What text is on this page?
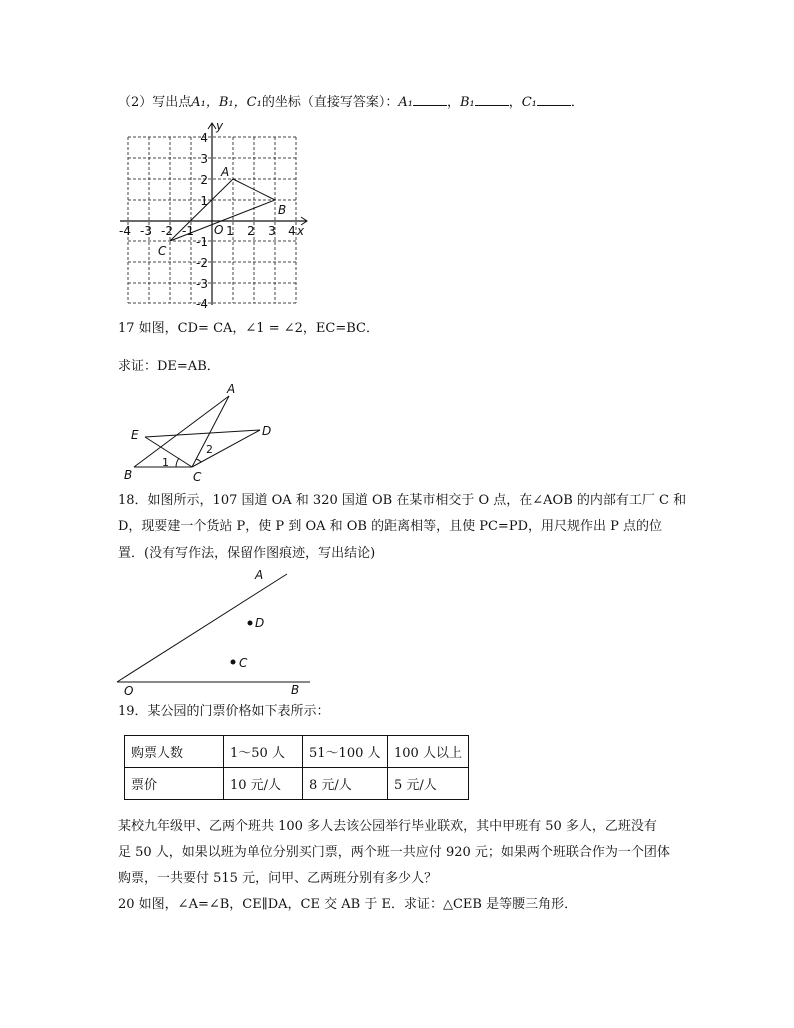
（2）写出点A₁，B₁，C₁的坐标（直接写答案）：A₁	，B₁	，C₁	．
-4 -3 -2 -1	1 2 3 4
4
3
2
1
-1
-2
-3
-4
O	x
y
A
B
C
17 如图，CD= CA，∠1 = ∠2，EC=BC．
求证：DE=AB．
A
B	C
D
E
1
2
18．如图所示，107 国道 OA 和 320 国道 OB 在某市相交于 O 点，在∠AOB 的内部有工厂 C 和
D，现要建一个货站 P，使 P 到 OA 和 OB 的距离相等，且使 PC=PD，用尺规作出 P 点的位
置．(没有写作法，保留作图痕迹，写出结论)
A
B
O
D
C
19．某公园的门票价格如下表所示：
购票人数	1～50 人	51～100 人	100 人以上
票价	10 元/人	8 元/人	5 元/人
某校九年级甲、乙两个班共 100 多人去该公园举行毕业联欢，其中甲班有 50 多人，乙班没有
足 50 人，如果以班为单位分别买门票，两个班一共应付 920 元；如果两个班联合作为一个团体
购票，一共要付 515 元，问甲、乙两班分别有多少人？
20 如图，∠A=∠B，CE∥DA，CE 交 AB 于 E．求证：△CEB 是等腰三角形．
